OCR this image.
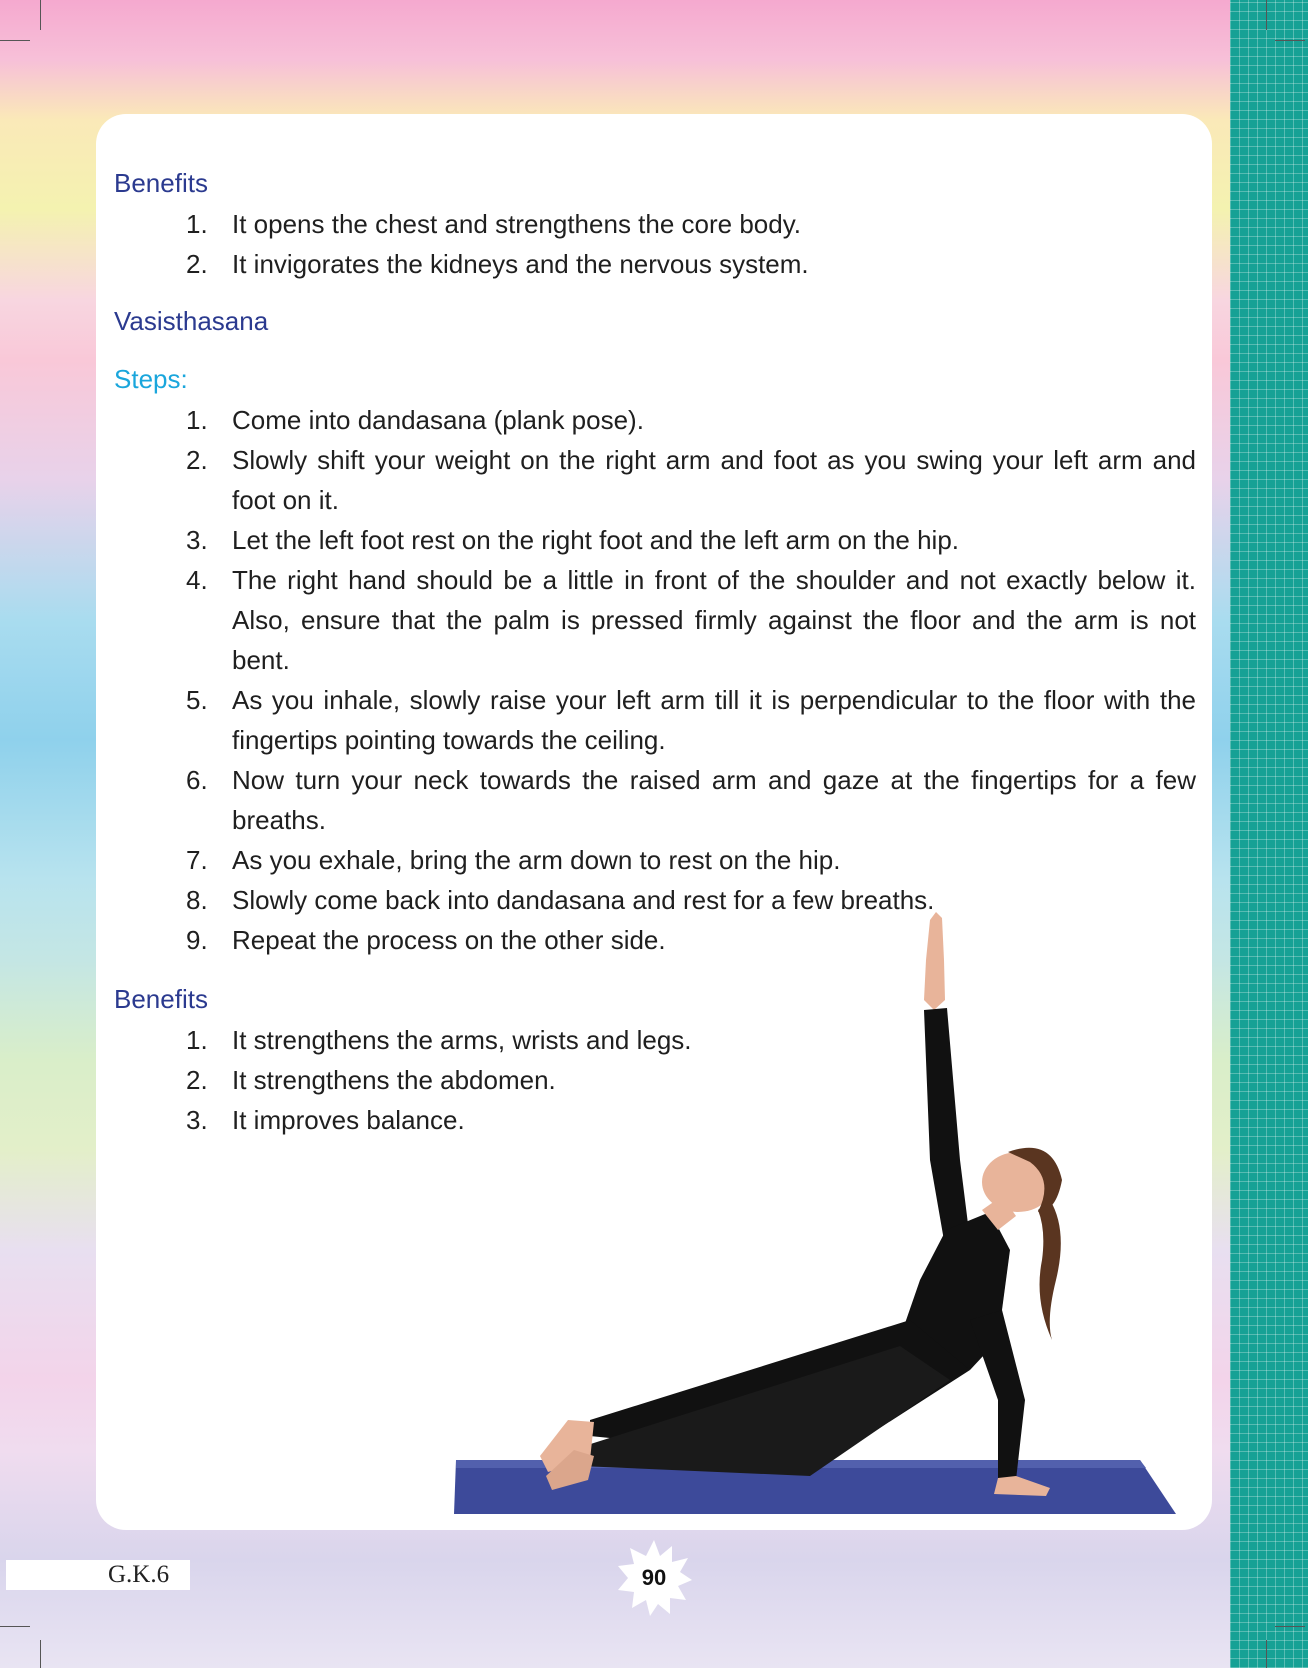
Benefits
1. It opens the chest and strengthens the core body.
2. It invigorates the kidneys and the nervous system.
Vasisthasana
Steps:
1. Come into dandasana (plank pose).
2. Slowly shift your weight on the right arm and foot as you swing your left arm and foot on it.
3. Let the left foot rest on the right foot and the left arm on the hip.
4. The right hand should be a little in front of the shoulder and not exactly below it. Also, ensure that the palm is pressed firmly against the floor and the arm is not bent.
5. As you inhale, slowly raise your left arm till it is perpendicular to the floor with the fingertips pointing towards the ceiling.
6. Now turn your neck towards the raised arm and gaze at the fingertips for a few breaths.
7. As you exhale, bring the arm down to rest on the hip.
8. Slowly come back into dandasana and rest for a few breaths.
9. Repeat the process on the other side.
Benefits
1. It strengthens the arms, wrists and legs.
2. It strengthens the abdomen.
3. It improves balance.
G.K.6	90
